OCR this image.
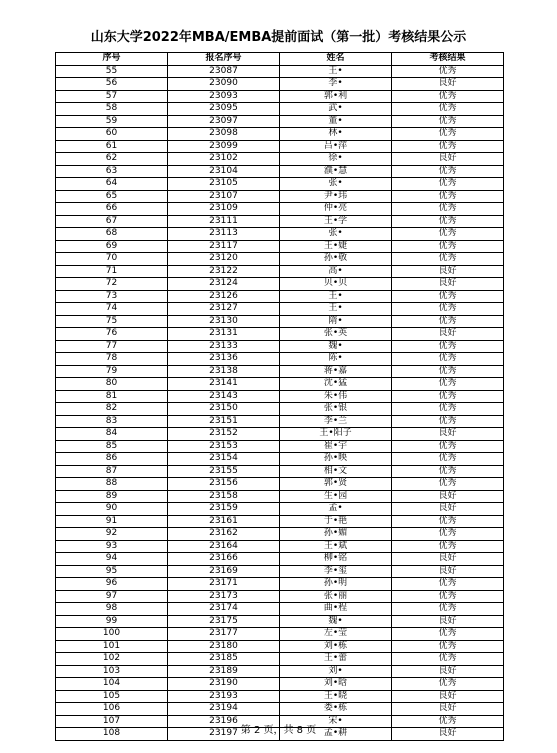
山东大学2022年MBA/EMBA提前面试（第一批）考核结果公示
序号	报名序号	姓名	考核结果
55	23087	王•	优秀
56	23090	李•	良好
57	23093	郭•利	优秀
58	23095	武•	优秀
59	23097	董•	优秀
60	23098	林•	优秀
61	23099	吕•萍	优秀
62	23102	徐•	良好
63	23104	濮•慧	优秀
64	23105	张•	优秀
65	23107	尹•玮	优秀
66	23109	仲•亮	优秀
67	23111	王•学	优秀
68	23113	张•	优秀
69	23117	王•婕	优秀
70	23120	孙•敬	优秀
71	23122	高•	良好
72	23124	贝•贝	良好
73	23126	王•	优秀
74	23127	王•	优秀
75	23130	隋•	优秀
76	23131	张•英	良好
77	23133	魏•	优秀
78	23136	陈•	优秀
79	23138	蒋•嘉	优秀
80	23141	沈•猛	优秀
81	23143	朱•伟	优秀
82	23150	张•银	优秀
83	23151	李•兰	优秀
84	23152	王•阳子	良好
85	23153	崔•宇	优秀
86	23154	孙•映	优秀
87	23155	相•文	优秀
88	23156	郭•贤	优秀
89	23158	生•园	良好
90	23159	孟•	良好
91	23161	于•艳	优秀
92	23162	孙•媚	优秀
93	23164	王•斌	优秀
94	23166	柳•铭	良好
95	23169	李•玺	良好
96	23171	孙•明	优秀
97	23173	张•丽	优秀
98	23174	曲•程	优秀
99	23175	魏•	良好
100	23177	左•莹	优秀
101	23180	刘•栋	优秀
102	23185	王•蕾	优秀
103	23189	刘•	良好
104	23190	刘•晗	优秀
105	23193	王•晓	良好
106	23194	娄•栋	良好
107	23196	宋•	优秀
108	23197	孟•耕	良好
第 2 页，共 8 页
